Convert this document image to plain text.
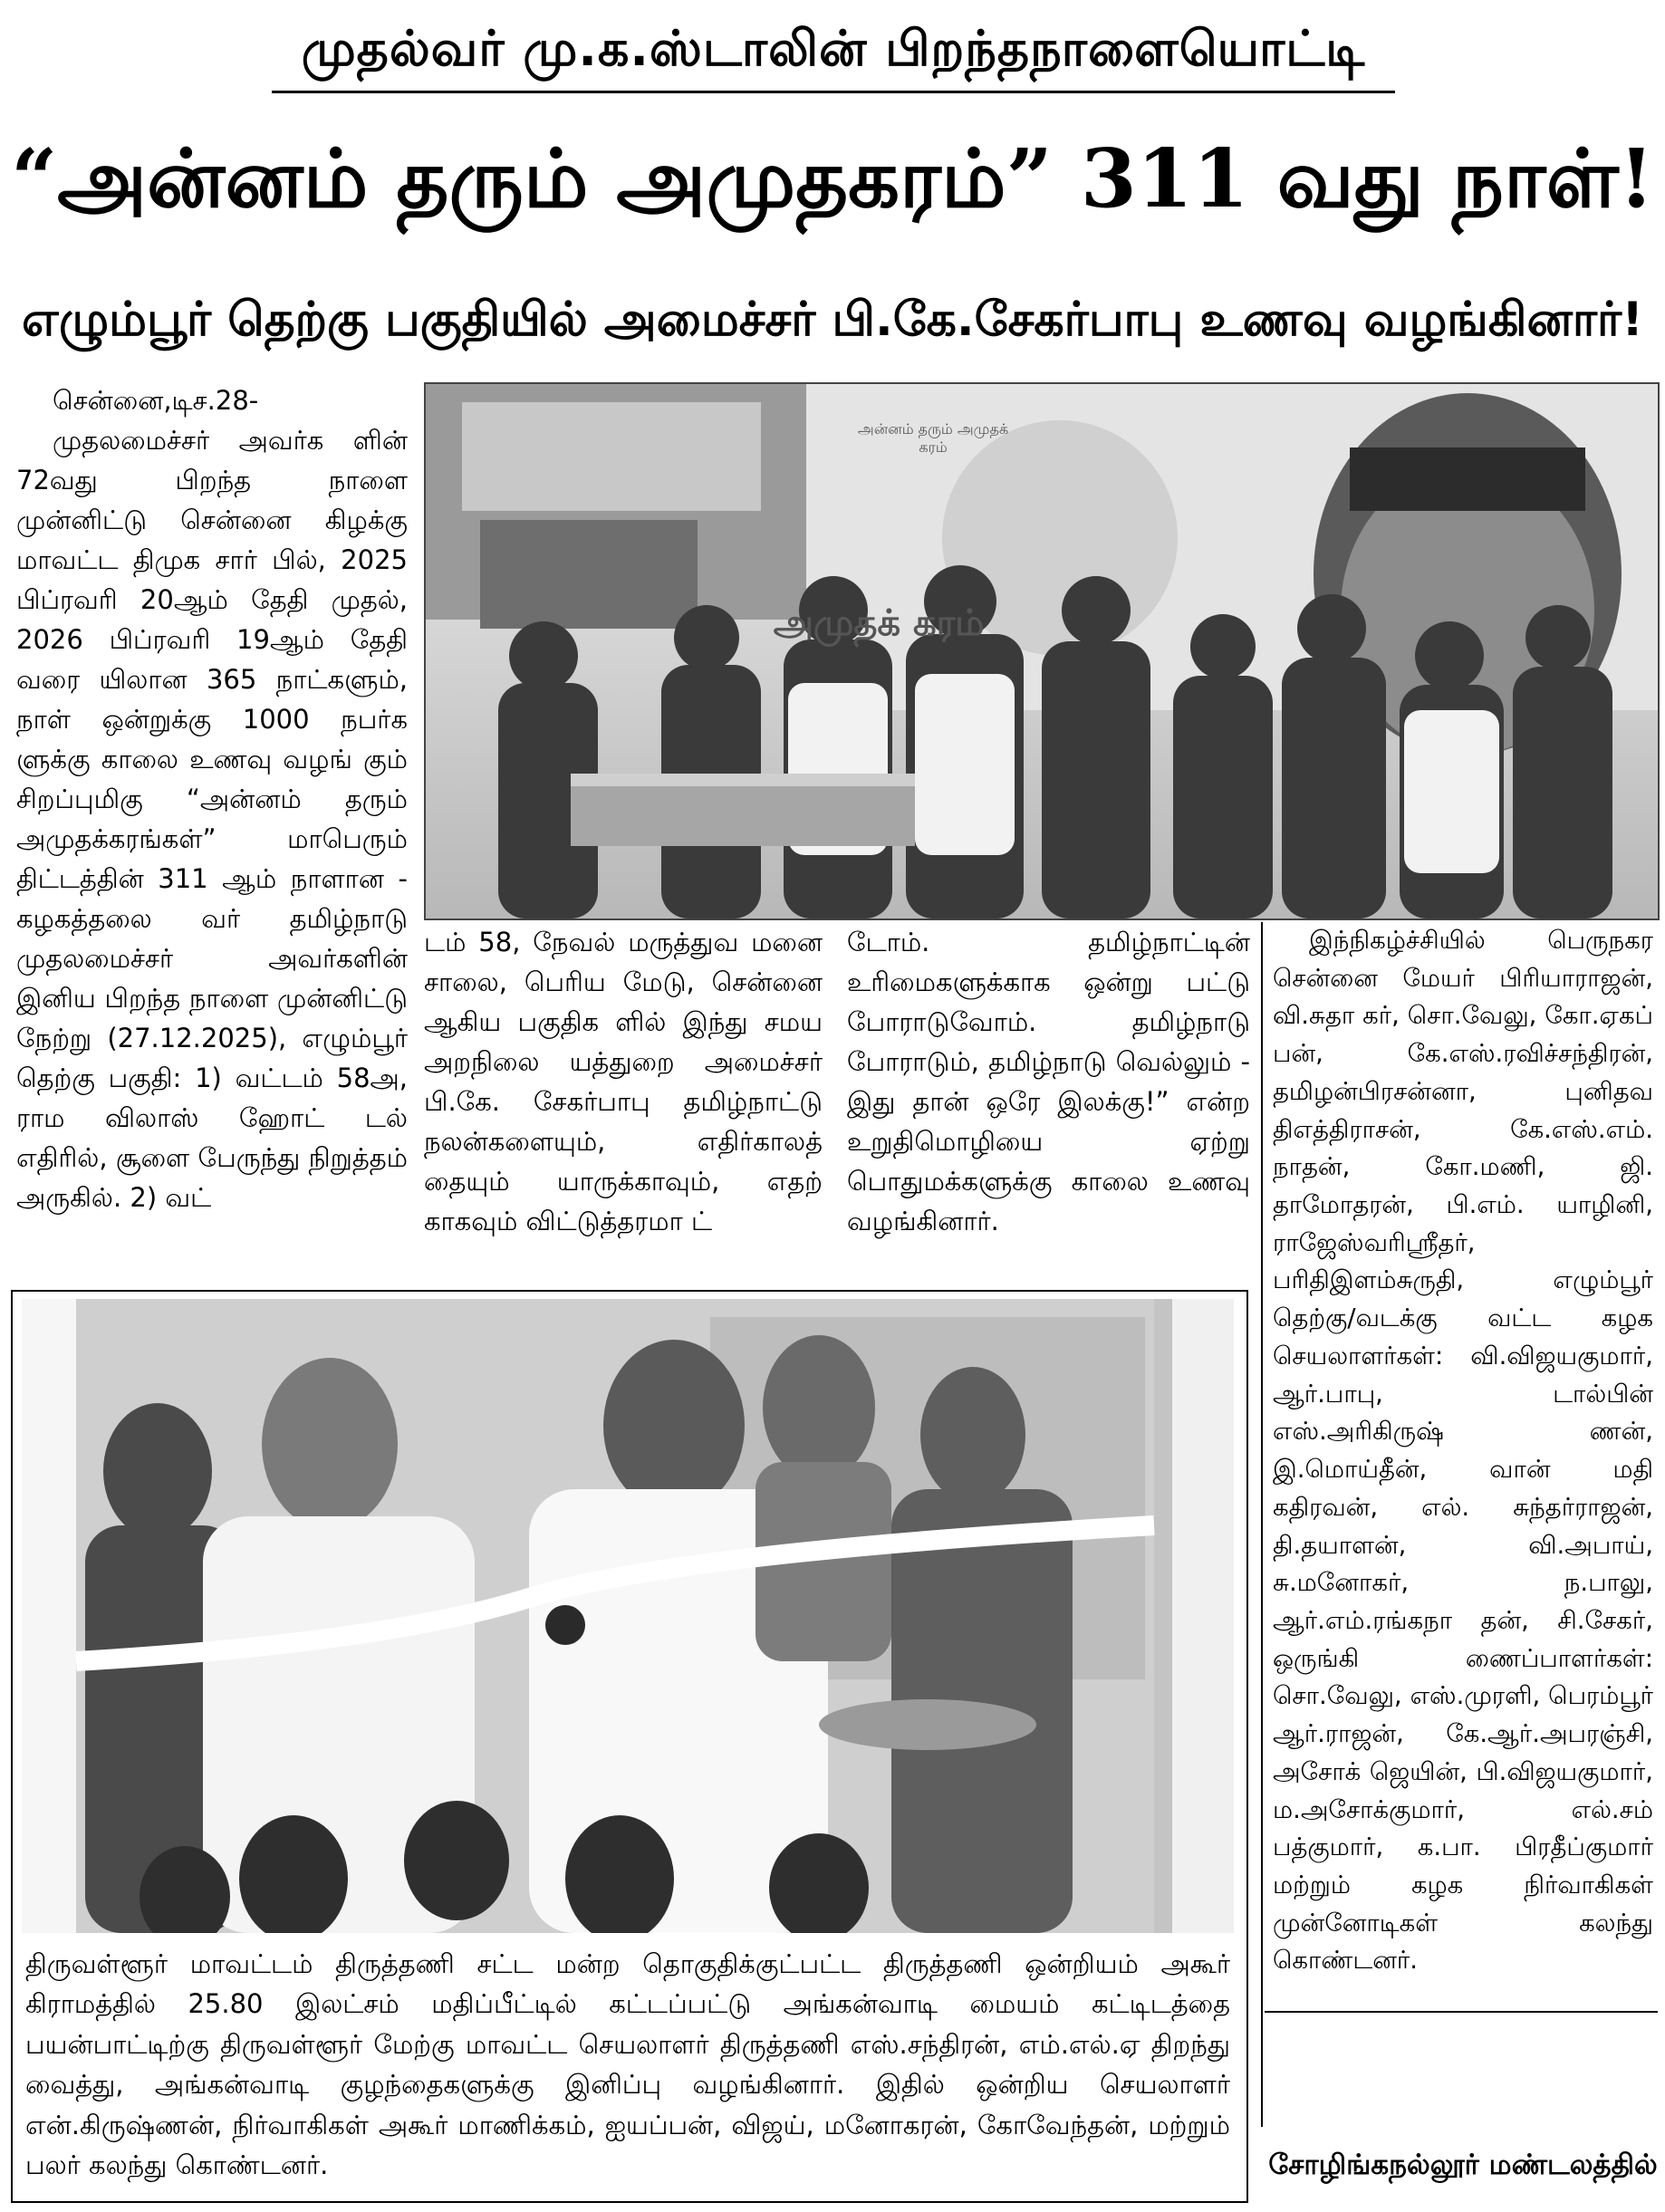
முதல்வர் மு.க.ஸ்டாலின் பிறந்தநாளையொட்டி
“அன்னம் தரும் அமுதகரம்” 311 வது நாள்!
எழும்பூர் தெற்கு பகுதியில் அமைச்சர் பி.கே.சேகர்பாபு உணவு வழங்கினார்!
சென்னை,டிச.28-
முதலமைச்சர் அவர்க ளின் 72வது பிறந்த நாளை முன்னிட்டு சென்னை கிழக்கு மாவட்ட திமுக சார் பில், 2025 பிப்ரவரி 20ஆம் தேதி முதல், 2026 பிப்ரவரி 19ஆம் தேதி வரை யிலான 365 நாட்களும், நாள் ஒன்றுக்கு 1000 நபர்க ளுக்கு காலை உணவு வழங் கும் சிறப்புமிகு “அன்னம் தரும் அமுதக்கரங்கள்” மாபெரும் திட்டத்தின் 311 ஆம் நாளான - கழகத்தலை வர் தமிழ்நாடு முதலமைச்சர் அவர்களின் இனிய பிறந்த நாளை முன்னிட்டு நேற்று (27.12.2025), எழும்பூர் தெற்கு பகுதி: 1) வட்டம் 58அ, ராம விலாஸ் ஹோட் டல் எதிரில், சூளை பேருந்து நிறுத்தம் அருகில். 2) வட்
அமுதக் கரம்
அன்னம் தரும் அமுதக் கரம்
டம் 58, நேவல் மருத்துவ மனை சாலை, பெரிய மேடு, சென்னை ஆகிய பகுதிக ளில் இந்து சமய அறநிலை யத்துறை அமைச்சர் பி.கே. சேகர்பாபு தமிழ்நாட்டு நலன்களையும், எதிர்காலத் தையும் யாருக்காவும், எதற் காகவும் விட்டுத்தரமா ட்
டோம். தமிழ்நாட்டின் உரிமைகளுக்காக ஒன்று பட்டு போராடுவோம். தமிழ்நாடு போராடும், தமிழ்நாடு வெல்லும் - இது தான் ஒரே இலக்கு!” என்ற உறுதிமொழியை ஏற்று பொதுமக்களுக்கு காலை உணவு வழங்கினார்.
இந்நிகழ்ச்சியில் பெருநகர சென்னை மேயர் பிரியாராஜன், வி.சுதா கர், சொ.வேலு, கோ.ஏகப் பன், கே.எஸ்.ரவிச்சந்திரன், தமிழன்பிரசன்னா, புனிதவ திஎத்திராசன், கே.எஸ்.எம். நாதன், கோ.மணி, ஜி. தாமோதரன், பி.எம். யாழினி, ராஜேஸ்வரிஸ்ரீதர், பரிதிஇளம்சுருதி, எழும்பூர் தெற்கு/வடக்கு வட்ட கழக செயலாளர்கள்: வி.விஜயகுமார், ஆர்.பாபு, டால்பின் எஸ்.அரிகிருஷ் ணன், இ.மொய்தீன், வான் மதி கதிரவன், எல். சுந்தர்ராஜன், தி.தயாளன், வி.அபாய், சு.மனோகர், ந.பாலு, ஆர்.எம்.ரங்கநா தன், சி.சேகர், ஒருங்கி ணைப்பாளர்கள்: சொ.வேலு, எஸ்.முரளி, பெரம்பூர் ஆர்.ராஜன், கே.ஆர்.அபரஞ்சி, அசோக் ஜெயின், பி.விஜயகுமார், ம.அசோக்குமார், எல்.சம் பத்குமார், க.பா. பிரதீப்குமார் மற்றும் கழக நிர்வாகிகள் முன்னோடிகள் கலந்து கொண்டனர்.
திருவள்ளூர் மாவட்டம் திருத்தணி சட்ட மன்ற தொகுதிக்குட்பட்ட திருத்தணி ஒன்றியம் அகூர் கிராமத்தில் 25.80 இலட்சம் மதிப்பீட்டில் கட்டப்பட்டு அங்கன்வாடி மையம் கட்டிடத்தை பயன்பாட்டிற்கு திருவள்ளூர் மேற்கு மாவட்ட செயலாளர் திருத்தணி எஸ்.சந்திரன், எம்.எல்.ஏ திறந்து வைத்து, அங்கன்வாடி குழந்தைகளுக்கு இனிப்பு வழங்கினார். இதில் ஒன்றிய செயலாளர் என்.கிருஷ்ணன், நிர்வாகிகள் அகூர் மாணிக்கம், ஐயப்பன், விஜய், மனோகரன், கோவேந்தன், மற்றும் பலர் கலந்து கொண்டனர்.	சோழிங்கநல்லூர் மண்டலத்தில்
